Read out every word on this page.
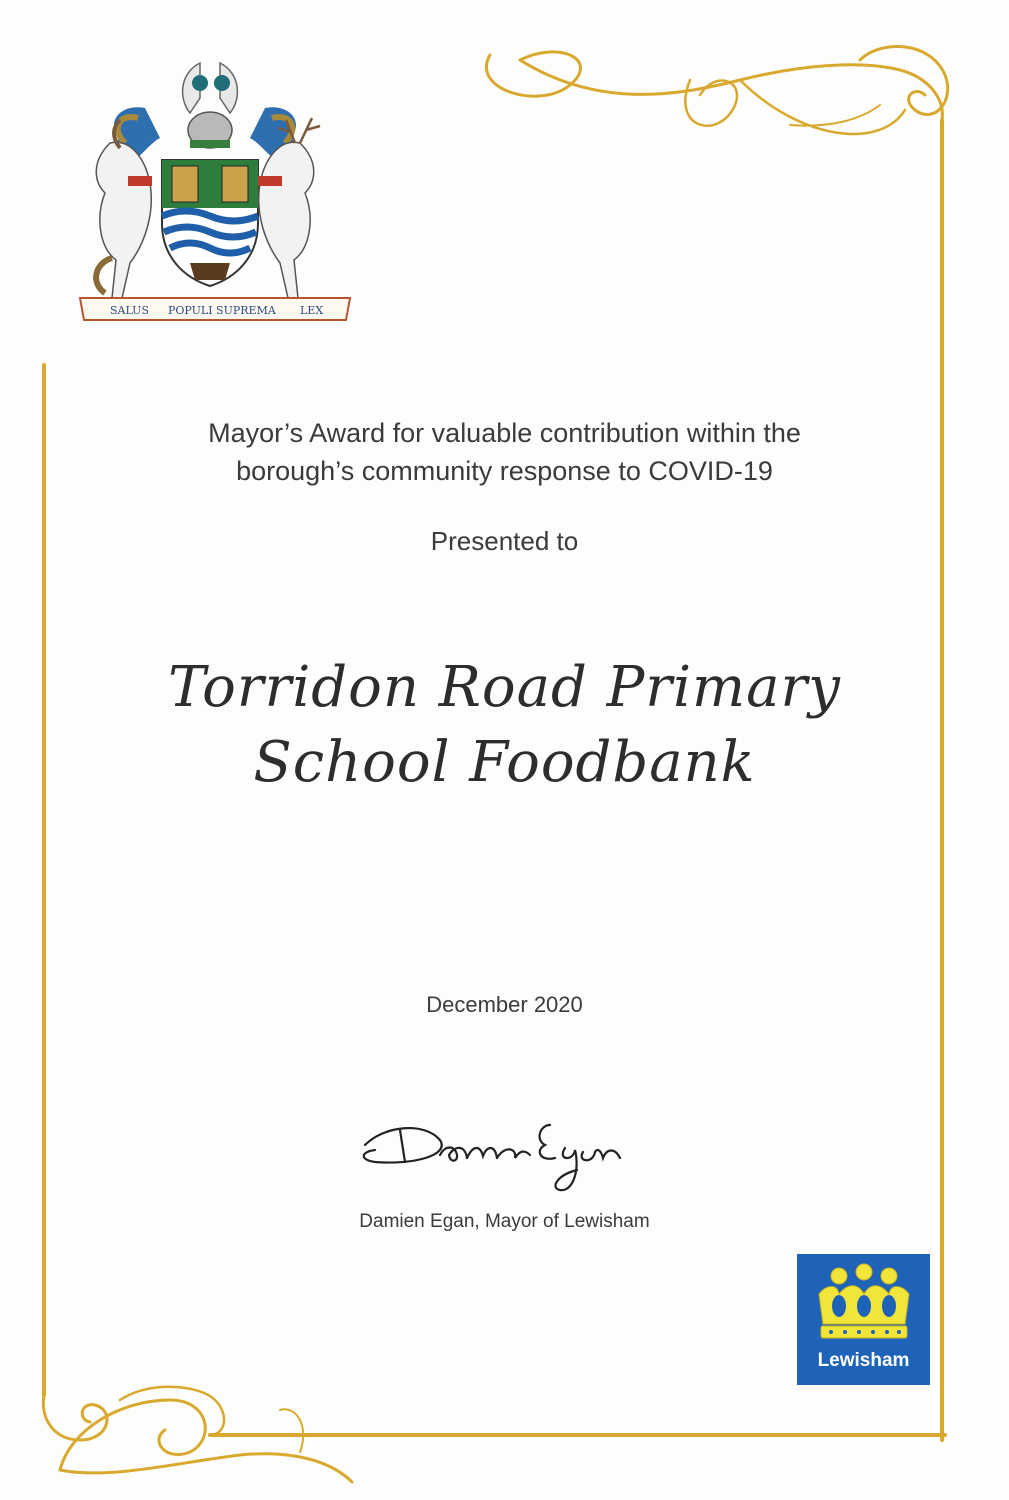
SALUS POPULI SUPREMA LEX
Mayor’s Award for valuable contribution within the
borough’s community response to COVID-19
Presented to
Torridon Road Primary
School Foodbank
December 2020
Damien Egan, Mayor of Lewisham
Lewisham
